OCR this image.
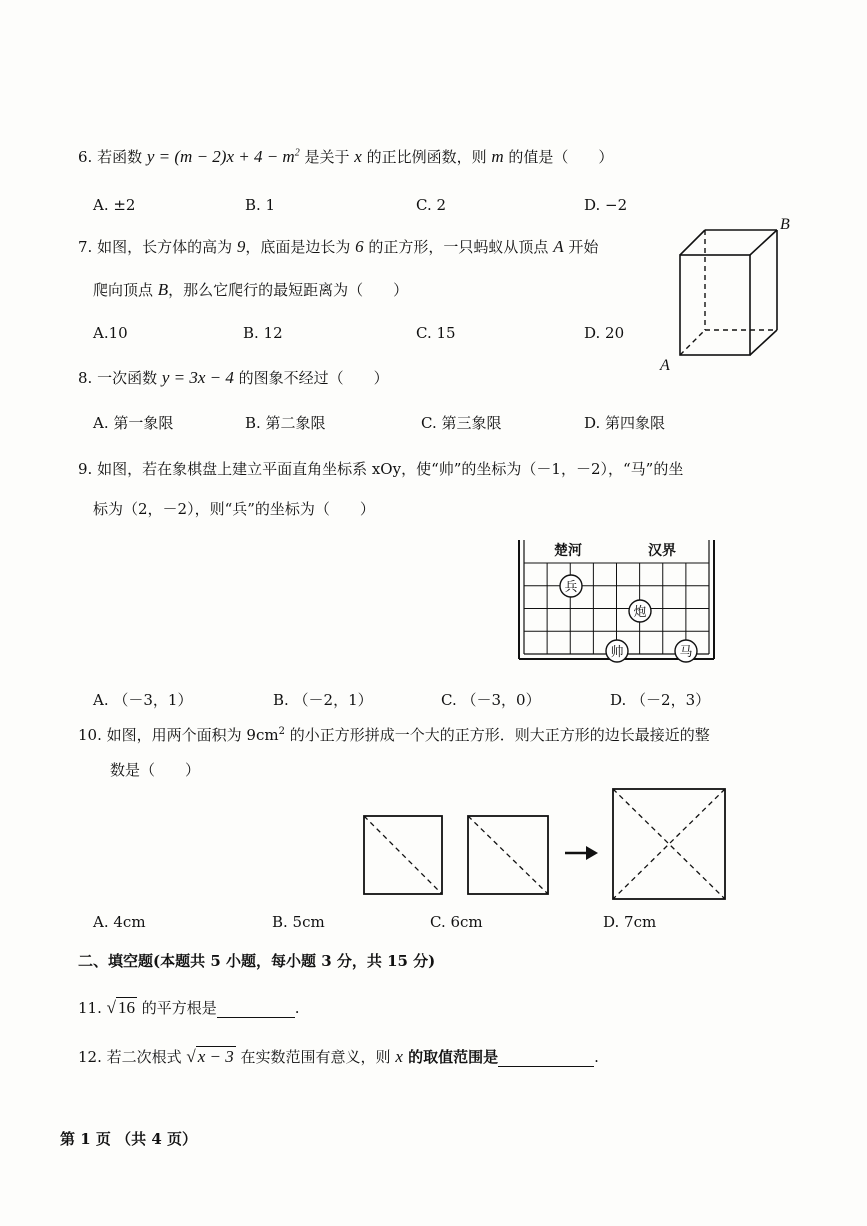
6. 若函数 $y = (m - 2)x + 4 - m^2$ 是关于 x 的正比例函数，则 m 的值是（　　）
A. ±2	B. 1	C. 2	D. −2
7. 如图，长方体的高为 9，底面是边长为 6 的正方形，一只蚂蚁从顶点 A 开始
爬向顶点 B，那么它爬行的最短距离为（　　）
A.10	B. 12	C. 15	D. 20
B
A
8. 一次函数 y = 3x − 4 的图象不经过（　　）
A. 第一象限	B. 第二象限	C. 第三象限	D. 第四象限
9. 如图，若在象棋盘上建立平面直角坐标系 xOy，使“帅”的坐标为（－1，－2），“马”的坐
标为（2，－2），则“兵”的坐标为（　　）
楚河	汉界
兵
炮
帅	马
A. （－3，1）	B. （－2，1）	C. （－3，0）	D. （－2，3）
10. 如图，用两个面积为 $9cm^2$ 的小正方形拼成一个大的正方形．则大正方形的边长最接近的整
数是（　　）
A. 4cm	B. 5cm	C. 6cm	D. 7cm
二、填空题(本题共 5 小题，每小题 3 分，共 15 分)
11. √ 16 的平方根是	.
12. 若二次根式 √ x − 3 在实数范围有意义，则 x 的取值范围是	.
第 1 页 （共 4 页）
